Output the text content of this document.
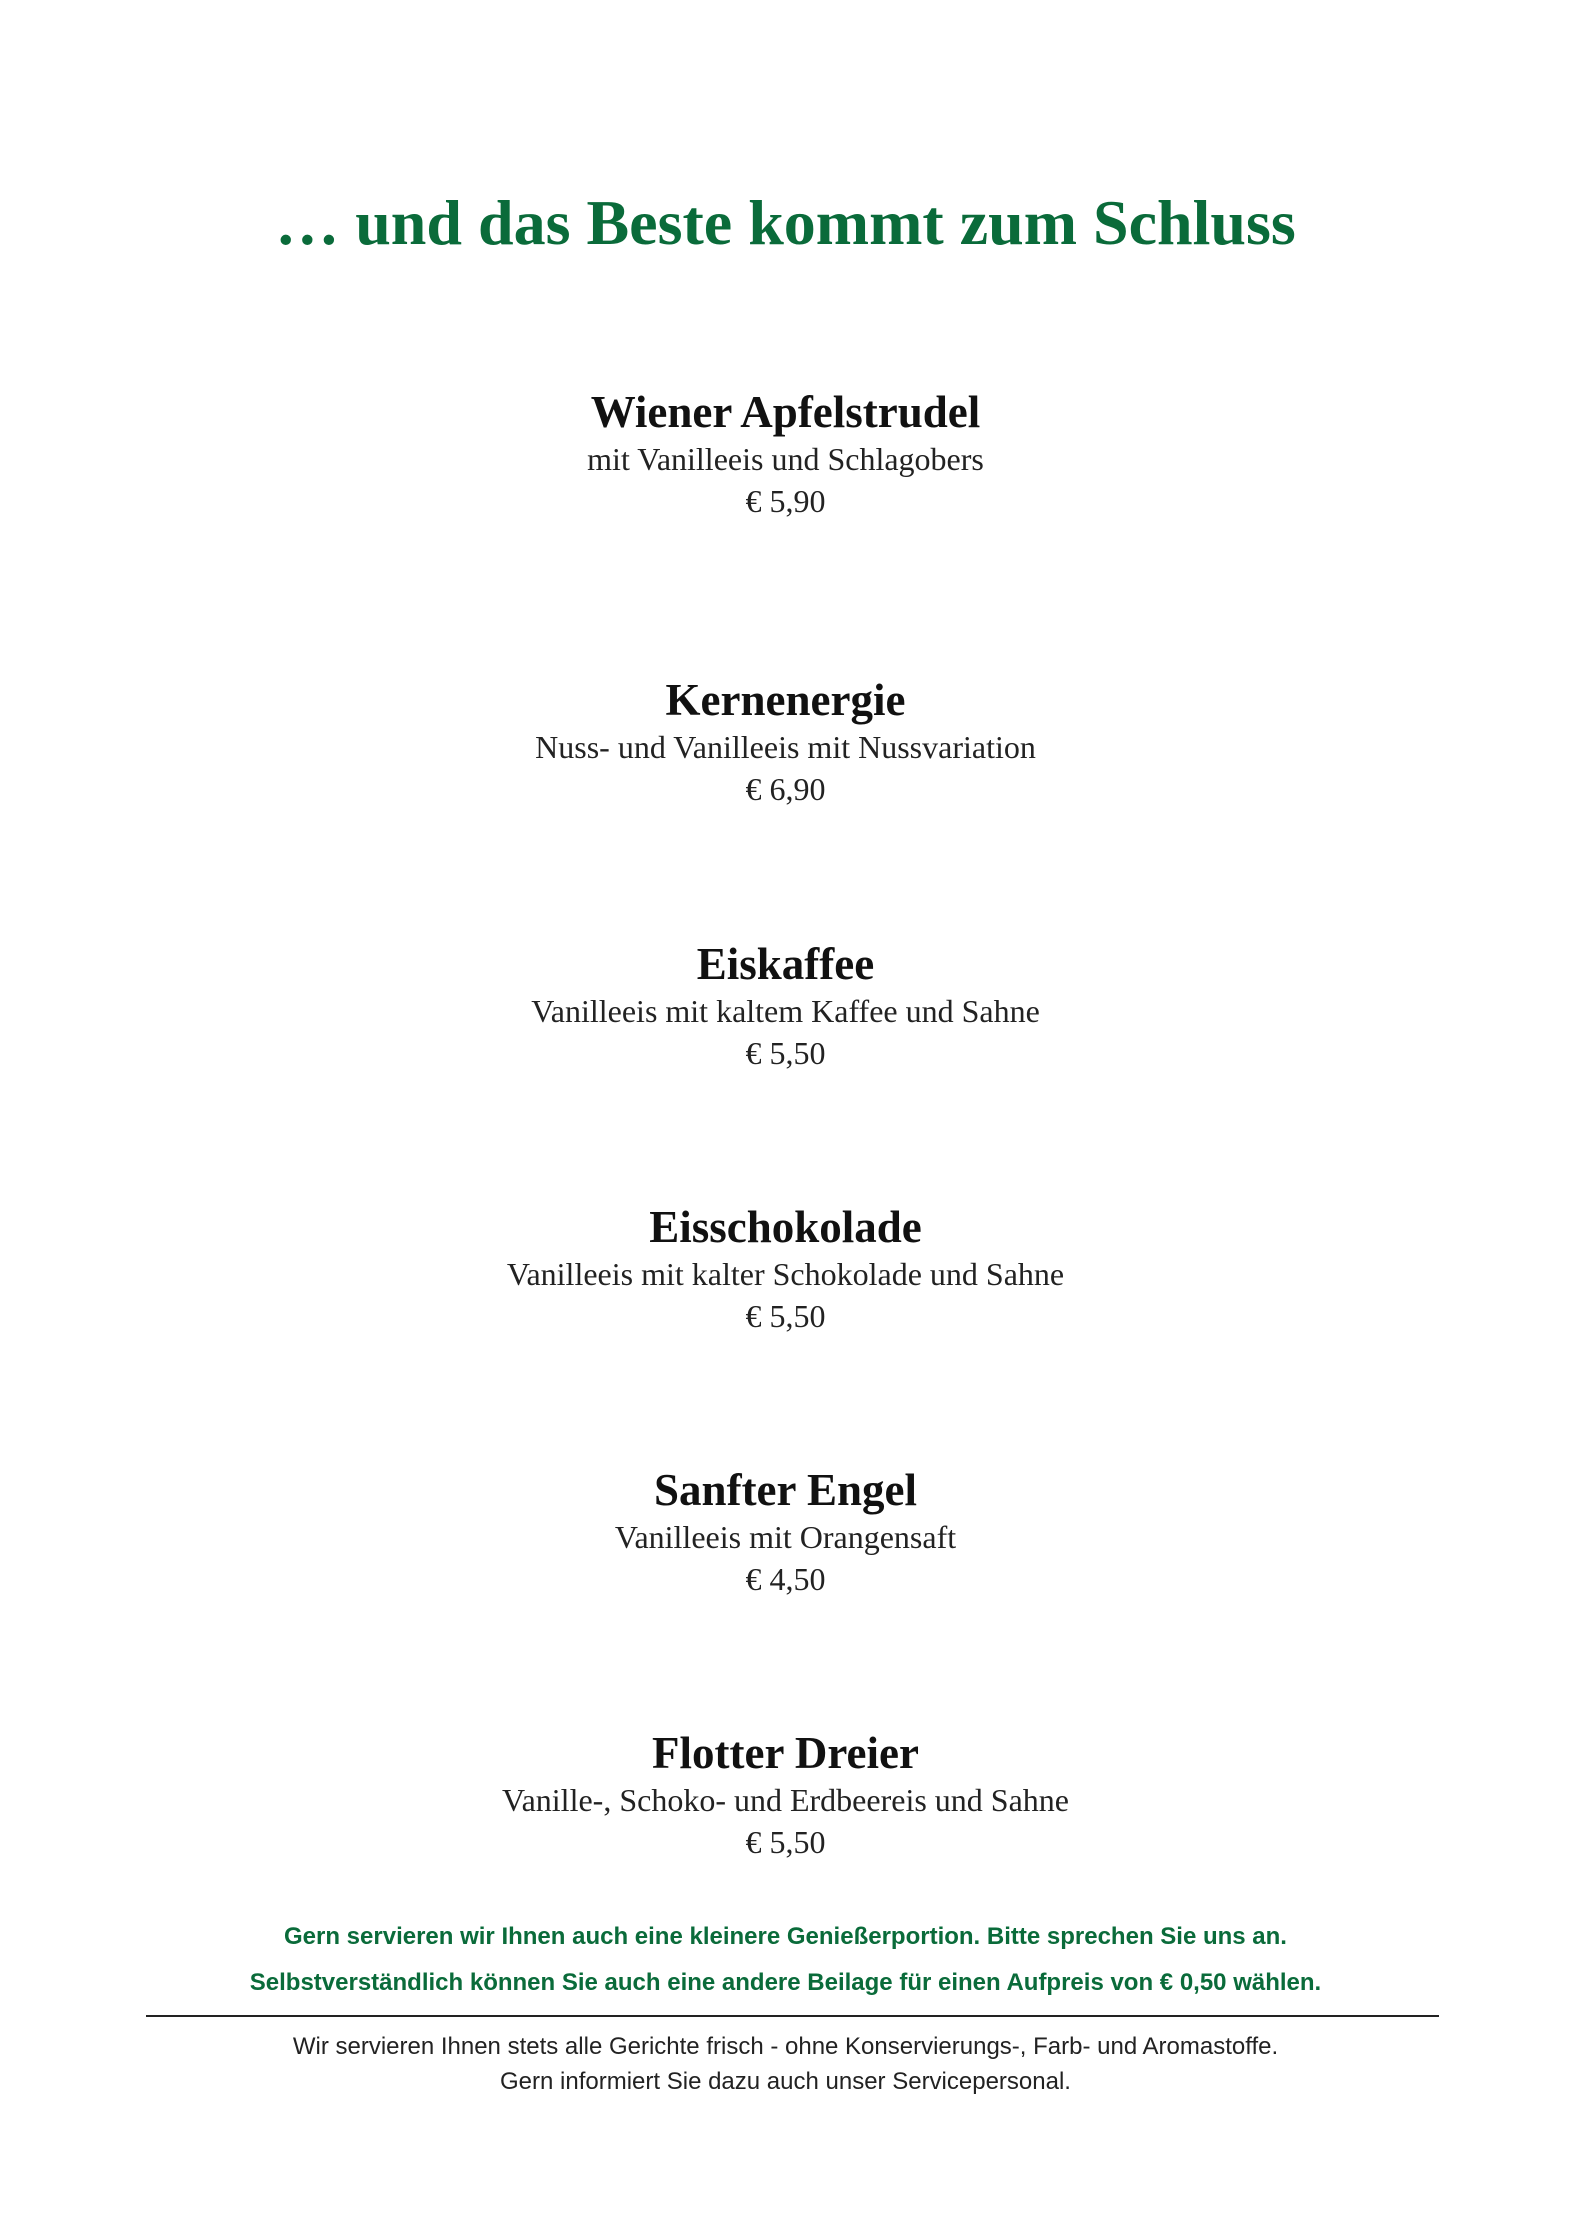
… und das Beste kommt zum Schluss

Wiener Apfelstrudel

mit Vanilleeis und Schlagobers

€ 5,90

Kernenergie

Nuss- und Vanilleeis mit Nussvariation

€ 6,90

Eiskaffee

Vanilleeis mit kaltem Kaffee und Sahne

€ 5,50

Eisschokolade

Vanilleeis mit kalter Schokolade und Sahne

€ 5,50

Sanfter Engel

Vanilleeis mit Orangensaft

€ 4,50

Flotter Dreier

Vanille-, Schoko- und Erdbeereis und Sahne

€ 5,50

Gern servieren wir Ihnen auch eine kleinere Genießerportion. Bitte sprechen Sie uns an.
Selbstverständlich können Sie auch eine andere Beilage für einen Aufpreis von € 0,50 wählen.
Wir servieren Ihnen stets alle Gerichte frisch - ohne Konservierungs-, Farb- und Aromastoffe.
Gern informiert Sie dazu auch unser Servicepersonal.
